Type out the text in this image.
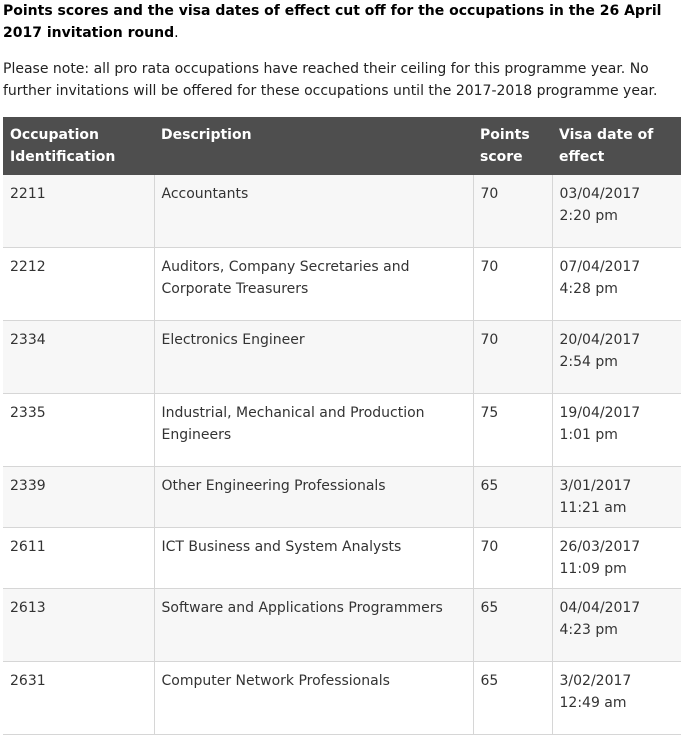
Points scores and the visa dates of effect cut off for the occupations in the 26 April 2017 invitation round.

Please note: all pro rata occupations have reached their ceiling for this programme year. No further invitations will be offered for these occupations until the 2017-2018 programme year.

Occupation Identification	Description	Points score	Visa date of effect
2211	Accountants	70	03/04/2017 2:20 pm
2212	Auditors, Company Secretaries and Corporate Treasurers	70	07/04/2017 4:28 pm
2334	Electronics Engineer	70	20/04/2017 2:54 pm
2335	Industrial, Mechanical and Production Engineers	75	19/04/2017 1:01 pm
2339	Other Engineering Professionals	65	3/01/2017 11:21 am
2611	ICT Business and System Analysts	70	26/03/2017 11:09 pm
2613	Software and Applications Programmers	65	04/04/2017 4:23 pm
2631	Computer Network Professionals	65	3/02/2017 12:49 am
